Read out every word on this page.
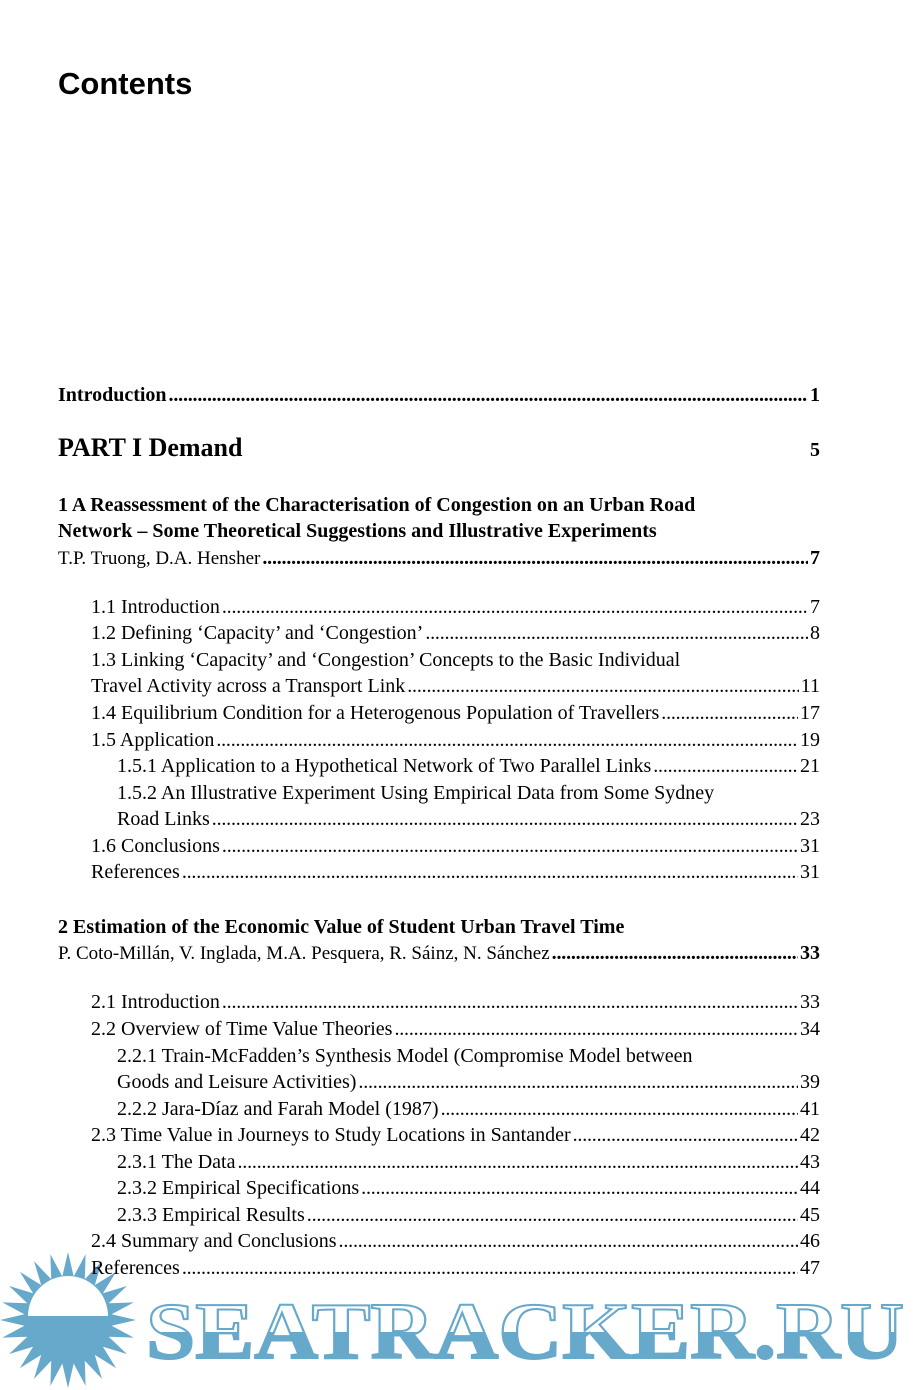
Contents
Introduction . . .	1
PART I Demand	5
1 A Reassessment of the Characterisation of Congestion on an Urban Road
Network – Some Theoretical Suggestions and Illustrative Experiments
T.P. Truong, D.A. Hensher . . .	7
1.1 Introduction . . .	7
1.2 Defining ‘Capacity’ and ‘Congestion’ . . .	8
1.3 Linking ‘Capacity’ and ‘Congestion’ Concepts to the Basic Individual
Travel Activity across a Transport Link . . .	11
1.4 Equilibrium Condition for a Heterogenous Population of Travellers . . .	17
1.5 Application . . .	19
1.5.1 Application to a Hypothetical Network of Two Parallel Links . . .	21
1.5.2 An Illustrative Experiment Using Empirical Data from Some Sydney
Road Links . . .	23
1.6 Conclusions . . .	31
References . . .	31
2 Estimation of the Economic Value of Student Urban Travel Time
P. Coto-Millán, V. Inglada, M.A. Pesquera, R. Sáinz, N. Sánchez . . .	33
2.1 Introduction . . .	33
2.2 Overview of Time Value Theories . . .	34
2.2.1 Train-McFadden’s Synthesis Model (Compromise Model between
Goods and Leisure Activities) . . .	39
2.2.2 Jara-Díaz and Farah Model (1987) . . .	41
2.3 Time Value in Journeys to Study Locations in Santander . . .	42
2.3.1 The Data . . .	43
2.3.2 Empirical Specifications . . .	44
2.3.3 Empirical Results . . .	45
2.4 Summary and Conclusions . . .	46
References . . .	47
SEATRACKER.RU
